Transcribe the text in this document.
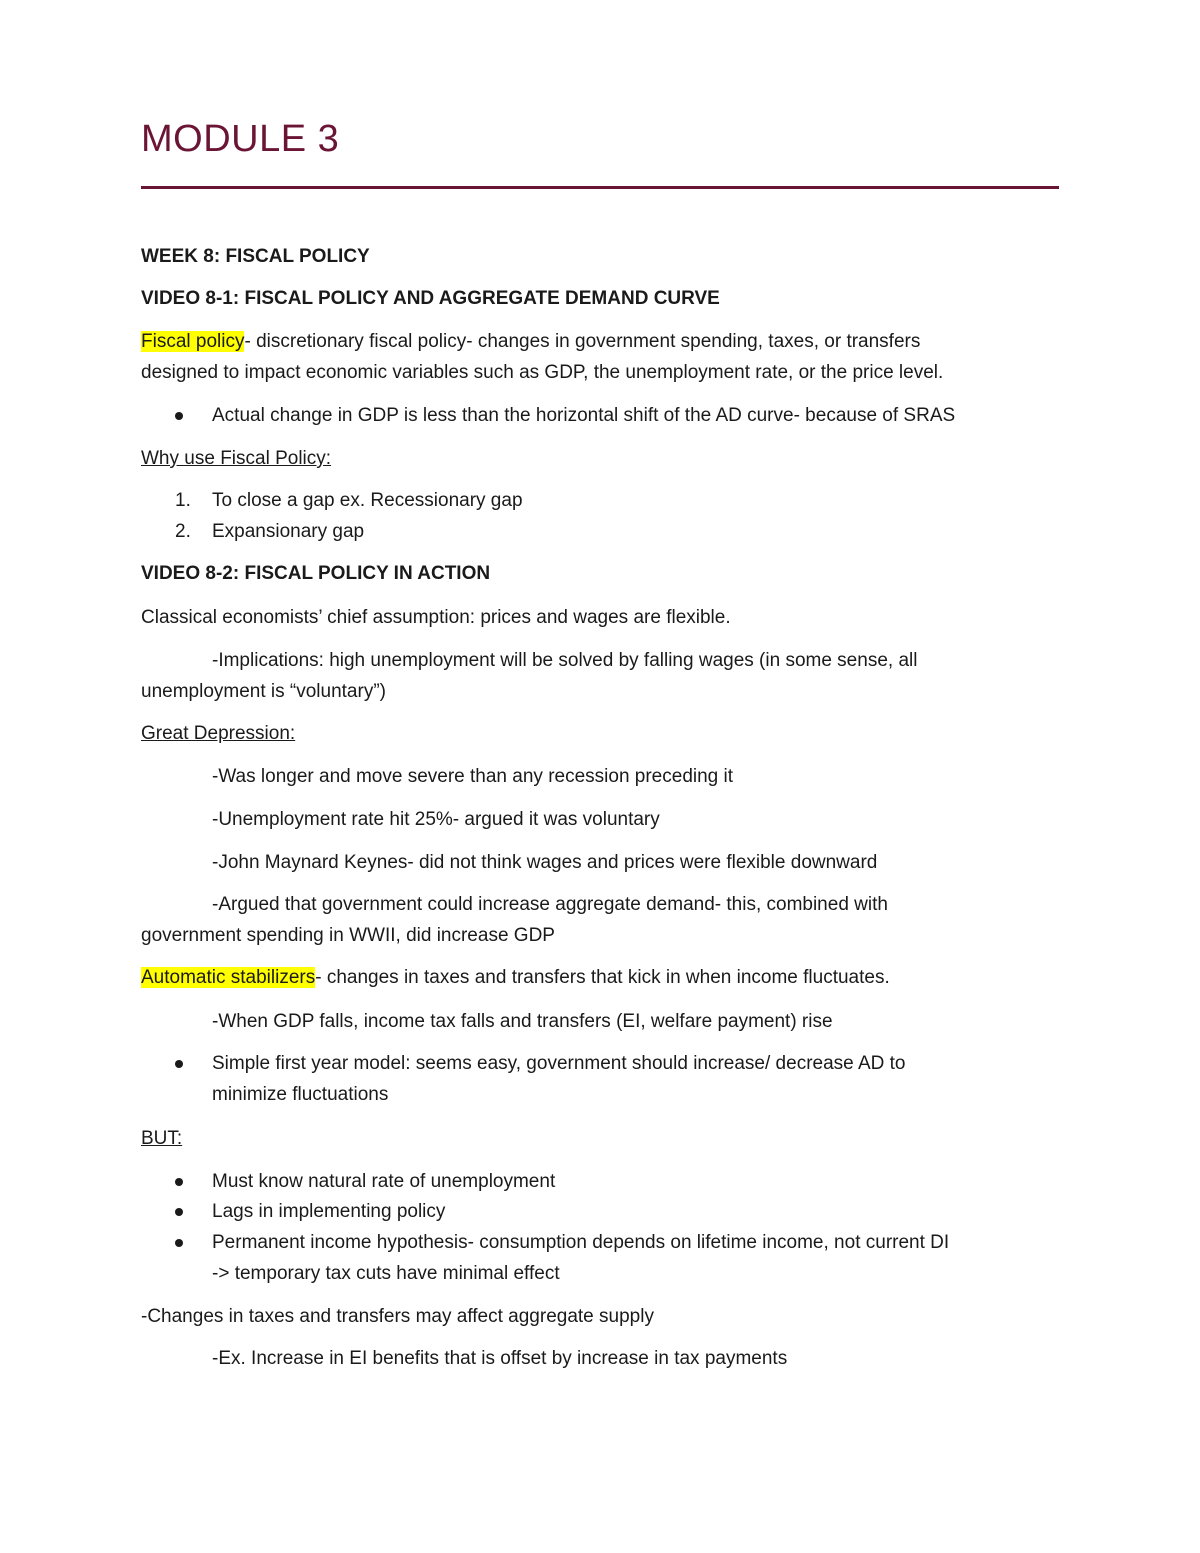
MODULE 3
WEEK 8: FISCAL POLICY
VIDEO 8-1: FISCAL POLICY AND AGGREGATE DEMAND CURVE
Fiscal policy- discretionary fiscal policy- changes in government spending, taxes, or transfers
designed to impact economic variables such as GDP, the unemployment rate, or the price level.
Actual change in GDP is less than the horizontal shift of the AD curve- because of SRAS
Why use Fiscal Policy:
1. To close a gap ex. Recessionary gap
2. Expansionary gap
VIDEO 8-2: FISCAL POLICY IN ACTION
Classical economists’ chief assumption: prices and wages are flexible.
-Implications: high unemployment will be solved by falling wages (in some sense, all
unemployment is “voluntary”)
Great Depression:
-Was longer and move severe than any recession preceding it
-Unemployment rate hit 25%- argued it was voluntary
-John Maynard Keynes- did not think wages and prices were flexible downward
-Argued that government could increase aggregate demand- this, combined with
government spending in WWII, did increase GDP
Automatic stabilizers- changes in taxes and transfers that kick in when income fluctuates.
-When GDP falls, income tax falls and transfers (EI, welfare payment) rise
Simple first year model: seems easy, government should increase/ decrease AD to
minimize fluctuations
BUT:
Must know natural rate of unemployment
Lags in implementing policy
Permanent income hypothesis- consumption depends on lifetime income, not current DI
-> temporary tax cuts have minimal effect
-Changes in taxes and transfers may affect aggregate supply
-Ex. Increase in EI benefits that is offset by increase in tax payments
